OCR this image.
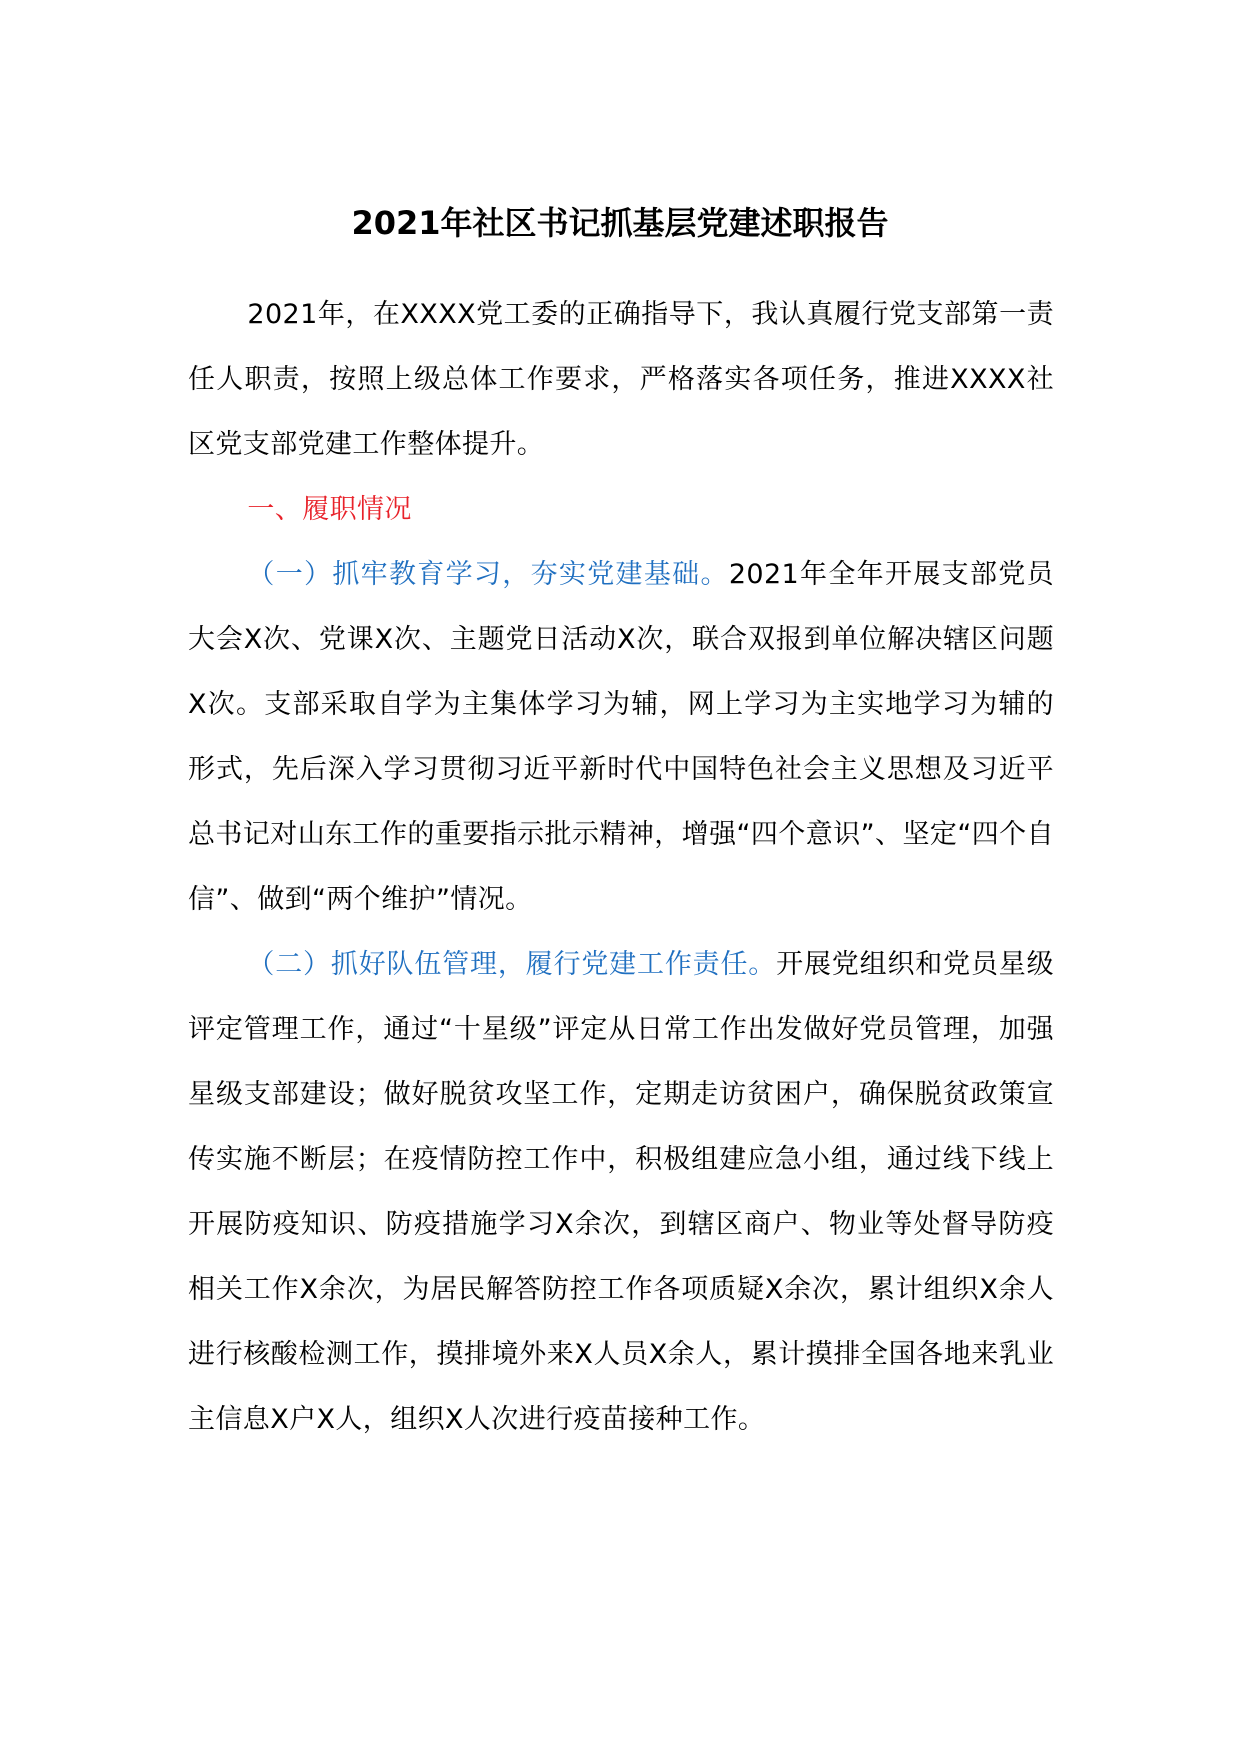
2021年社区书记抓基层党建述职报告

2021年，在XXXX党工委的正确指导下，我认真履行党支部第一责任人职责，按照上级总体工作要求，严格落实各项任务，推进XXXX社区党支部党建工作整体提升。

一、履职情况

（一）抓牢教育学习，夯实党建基础。2021年全年开展支部党员大会X次、党课X次、主题党日活动X次，联合双报到单位解决辖区问题X次。支部采取自学为主集体学习为辅，网上学习为主实地学习为辅的形式，先后深入学习贯彻习近平新时代中国特色社会主义思想及习近平总书记对山东工作的重要指示批示精神，增强“四个意识”、坚定“四个自信”、做到“两个维护”情况。

（二）抓好队伍管理，履行党建工作责任。开展党组织和党员星级评定管理工作，通过“十星级”评定从日常工作出发做好党员管理，加强星级支部建设；做好脱贫攻坚工作，定期走访贫困户，确保脱贫政策宣传实施不断层；在疫情防控工作中，积极组建应急小组，通过线下线上开展防疫知识、防疫措施学习X余次，到辖区商户、物业等处督导防疫相关工作X余次，为居民解答防控工作各项质疑X余次，累计组织X余人进行核酸检测工作，摸排境外来X人员X余人，累计摸排全国各地来乳业主信息X户X人，组织X人次进行疫苗接种工作。
